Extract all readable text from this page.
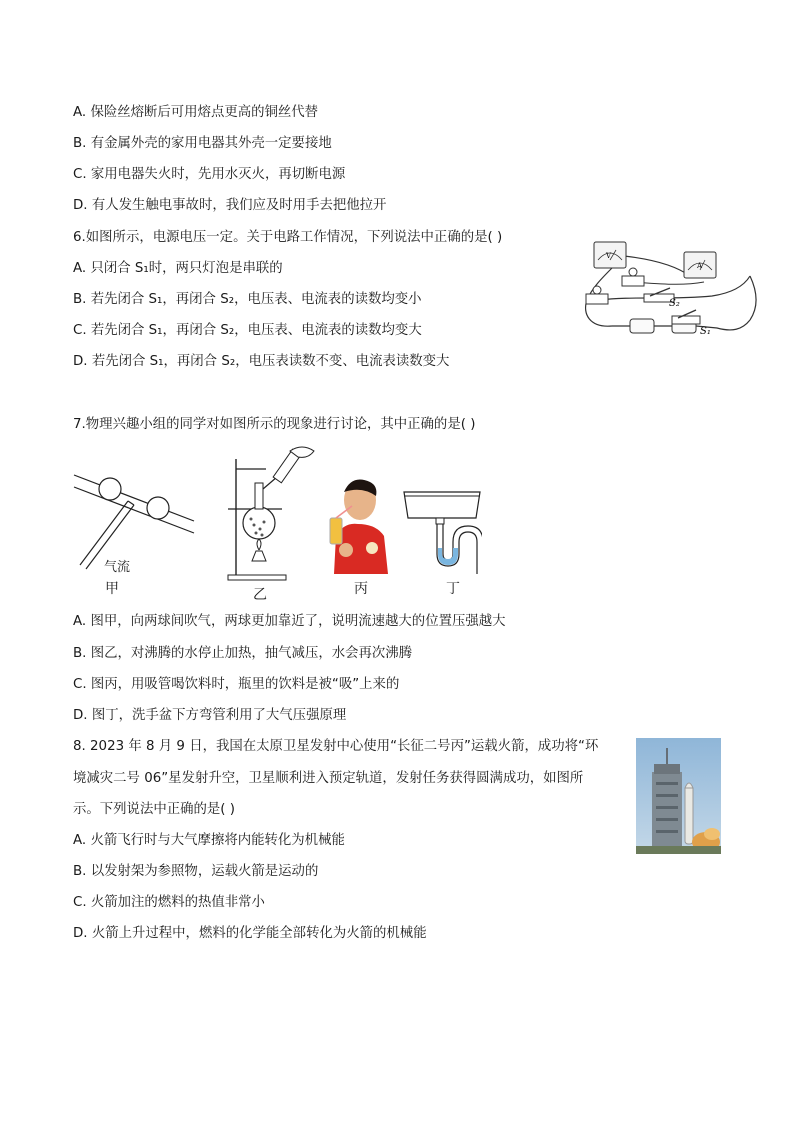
A. 保险丝熔断后可用熔点更高的铜丝代替
B. 有金属外壳的家用电器其外壳一定要接地
C. 家用电器失火时，先用水灭火，再切断电源
D. 有人发生触电事故时，我们应及时用手去把他拉开
6.如图所示，电源电压一定。关于电路工作情况，下列说法中正确的是( )
A. 只闭合 S₁时，两只灯泡是串联的
B. 若先闭合 S₁，再闭合 S₂，电压表、电流表的读数均变小
C. 若先闭合 S₁，再闭合 S₂，电压表、电流表的读数均变大
D. 若先闭合 S₁，再闭合 S₂，电压表读数不变、电流表读数变大
V
A
S₂
S₁
7.物理兴趣小组的同学对如图所示的现象进行讨论，其中正确的是( )
气流
甲	乙	丙	丁
A. 图甲，向两球间吹气，两球更加靠近了，说明流速越大的位置压强越大
B. 图乙，对沸腾的水停止加热，抽气减压，水会再次沸腾
C. 图丙，用吸管喝饮料时，瓶里的饮料是被“吸”上来的
D. 图丁，洗手盆下方弯管利用了大气压强原理
8. 2023 年 8 月 9 日，我国在太原卫星发射中心使用“长征二号丙”运载火箭，成功将“环
境减灾二号 06”星发射升空，卫星顺利进入预定轨道，发射任务获得圆满成功，如图所
示。下列说法中正确的是( )
A. 火箭飞行时与大气摩擦将内能转化为机械能
B. 以发射架为参照物，运载火箭是运动的
C. 火箭加注的燃料的热值非常小
D. 火箭上升过程中，燃料的化学能全部转化为火箭的机械能
